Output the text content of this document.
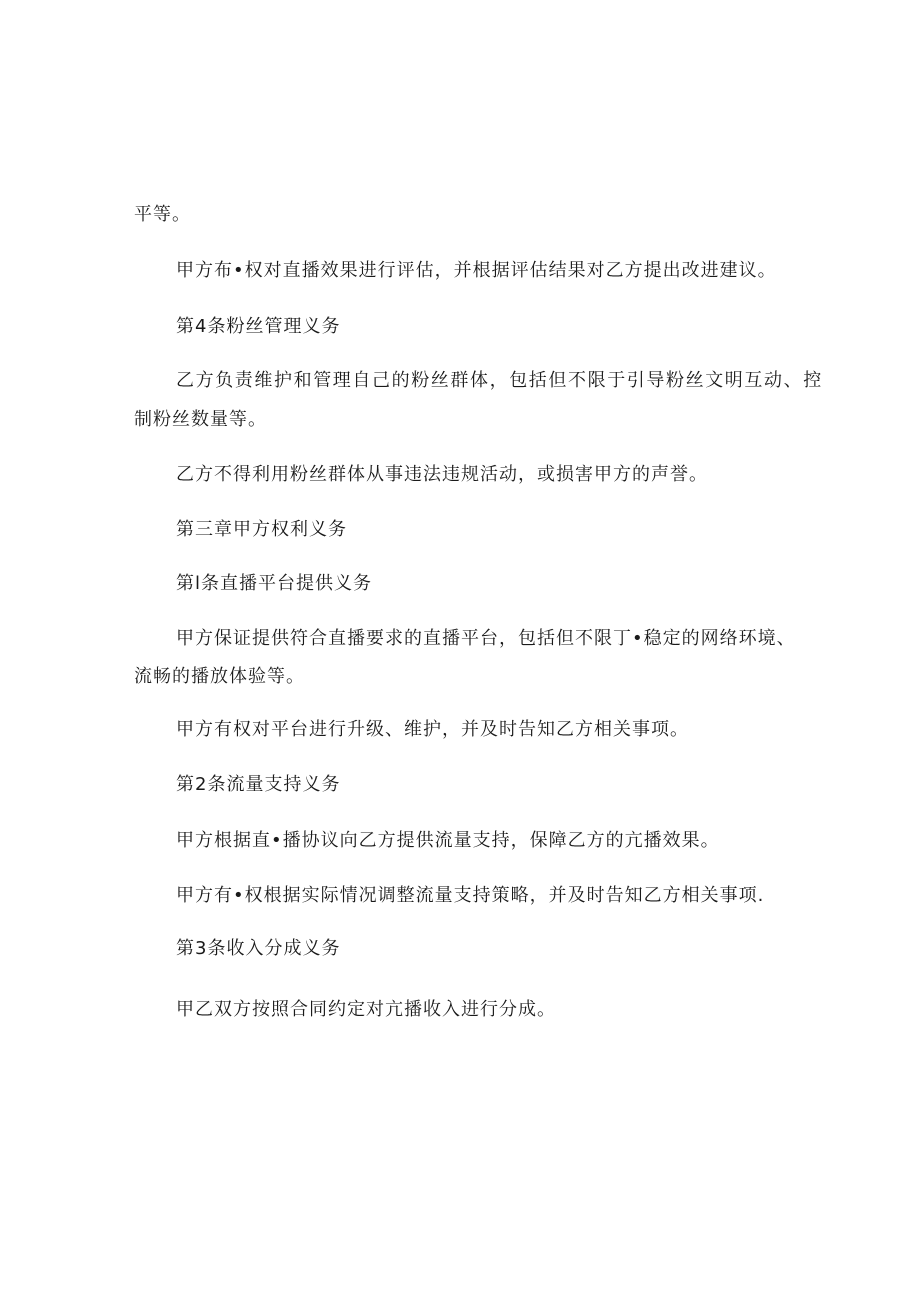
平等。
甲方布•权对直播效果进行评估，并根据评估结果对乙方提出改进建议。
第4条粉丝管理义务
乙方负责维护和管理自己的粉丝群体，包括但不限于引导粉丝文明互动、控
制粉丝数量等。
乙方不得利用粉丝群体从事违法违规活动，或损害甲方的声誉。
第三章甲方权利义务
第l条直播平台提供义务
甲方保证提供符合直播要求的直播平台，包括但不限丁•稳定的网络环境、
流畅的播放体验等。
甲方有权对平台进行升级、维护，并及时告知乙方相关事项。
第2条流量支持义务
甲方根据直•播协议向乙方提供流量支持，保障乙方的亢播效果。
甲方有•权根据实际情况调整流量支持策略，并及时告知乙方相关事项.
第3条收入分成义务
甲乙双方按照合同约定对亢播收入进行分成。
